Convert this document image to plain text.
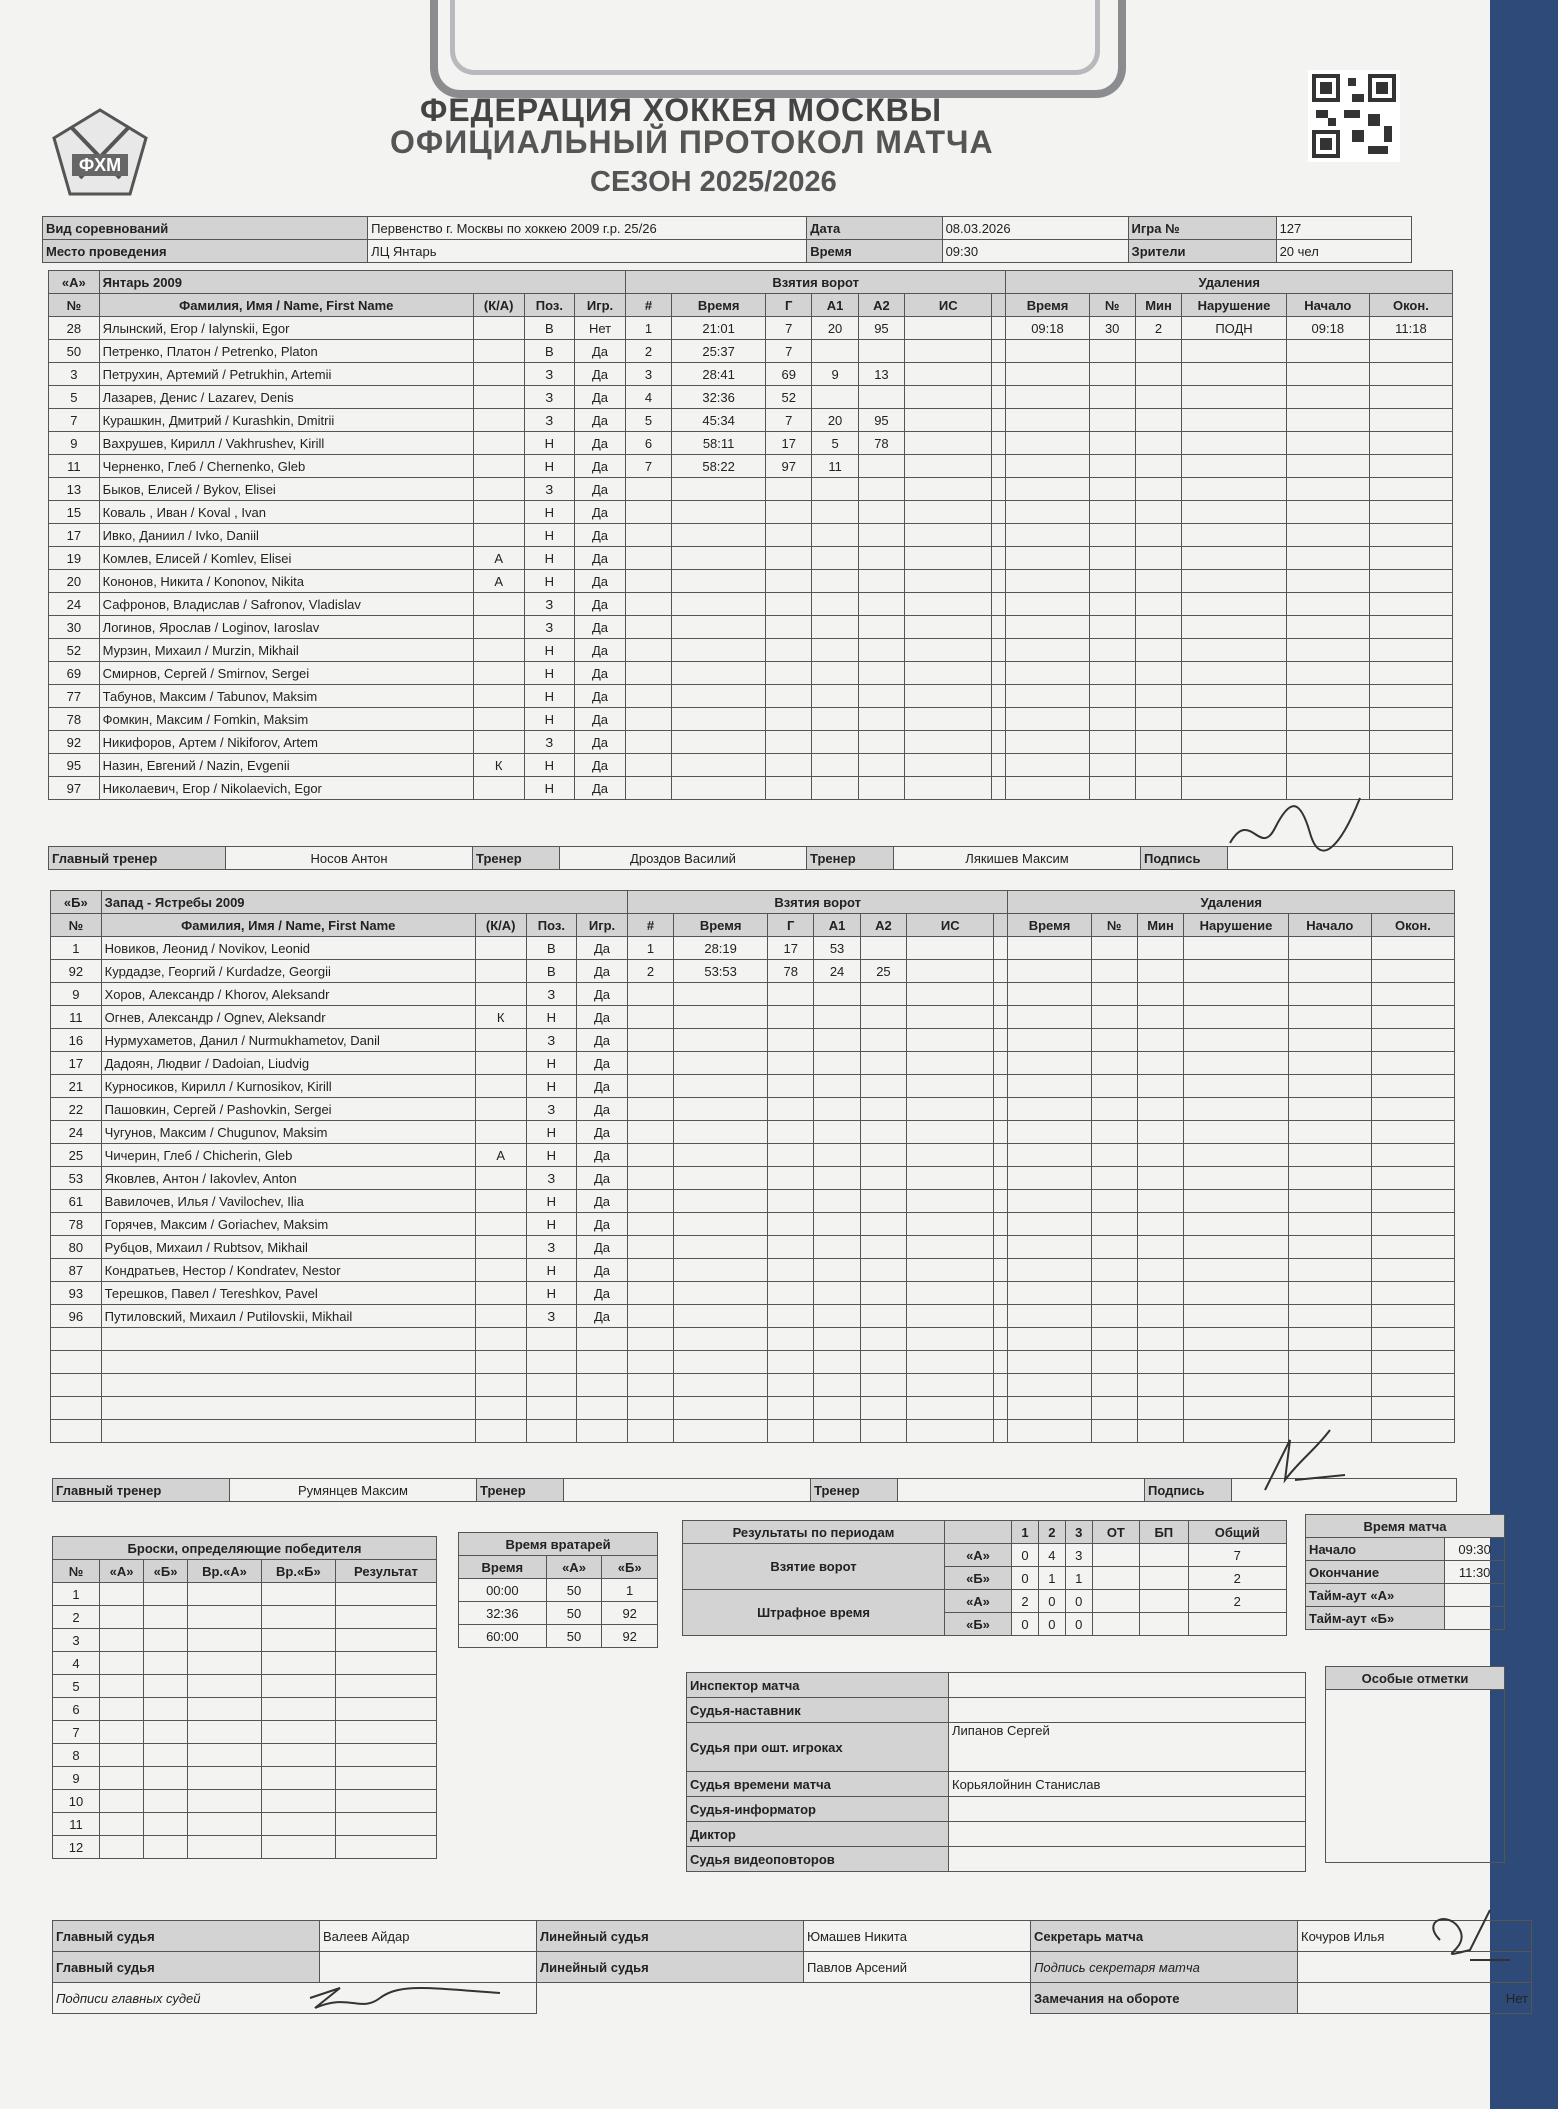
ФХМ
ФЕДЕРАЦИЯ ХОККЕЯ МОСКВЫ
ОФИЦИАЛЬНЫЙ ПРОТОКОЛ МАТЧА
СЕЗОН 2025/2026
Вид соревнований	Первенство г. Москвы по хоккею 2009 г.р. 25/26	Дата	08.03.2026	Игра №	127
Место проведения	ЛЦ Янтарь	Время	09:30	Зрители	20 чел
«А»	Янтарь 2009				Взятия ворот							Удаления					
№	Фамилия, Имя / Name, First Name	(К/А)	Поз.	Игр.	#	Время	Г	А1	А2	ИС		Время	№	Мин	Нарушение	Начало	Окон.
28	Ялынский, Егор / Ialynskii, Egor		В	Нет	1	21:01	7	20	95			09:18	30	2	ПОДН	09:18	11:18
50	Петренко, Платон / Petrenko, Platon		В	Да	2	25:37	7										
3	Петрухин, Артемий / Petrukhin, Artemii		З	Да	3	28:41	69	9	13								
5	Лазарев, Денис / Lazarev, Denis		З	Да	4	32:36	52										
7	Курашкин, Дмитрий / Kurashkin, Dmitrii		З	Да	5	45:34	7	20	95								
9	Вахрушев, Кирилл / Vakhrushev, Kirill		Н	Да	6	58:11	17	5	78								
11	Черненко, Глеб / Chernenko, Gleb		Н	Да	7	58:22	97	11									
13	Быков, Елисей / Bykov, Elisei		З	Да													
15	Коваль , Иван / Koval , Ivan		Н	Да													
17	Ивко, Даниил / Ivko, Daniil		Н	Да													
19	Комлев, Елисей / Komlev, Elisei	А	Н	Да													
20	Кононов, Никита / Kononov, Nikita	А	Н	Да													
24	Сафронов, Владислав / Safronov, Vladislav		З	Да													
30	Логинов, Ярослав / Loginov, Iaroslav		З	Да													
52	Мурзин, Михаил / Murzin, Mikhail		Н	Да													
69	Смирнов, Сергей / Smirnov, Sergei		Н	Да													
77	Табунов, Максим / Tabunov, Maksim		Н	Да													
78	Фомкин, Максим / Fomkin, Maksim		Н	Да													
92	Никифоров, Артем / Nikiforov, Artem		З	Да													
95	Назин, Евгений / Nazin, Evgenii	К	Н	Да													
97	Николаевич, Егор / Nikolaevich, Egor		Н	Да													
Главный тренер	Носов Антон	Тренер	Дроздов Василий	Тренер	Лякишев Максим	Подпись	
«Б»	Запад - Ястребы 2009				Взятия ворот							Удаления					
№	Фамилия, Имя / Name, First Name	(К/А)	Поз.	Игр.	#	Время	Г	А1	А2	ИС		Время	№	Мин	Нарушение	Начало	Окон.
1	Новиков, Леонид / Novikov, Leonid		В	Да	1	28:19	17	53									
92	Курдадзе, Георгий / Kurdadze, Georgii		В	Да	2	53:53	78	24	25								
9	Хоров, Александр / Khorov, Aleksandr		З	Да													
11	Огнев, Александр / Ognev, Aleksandr	К	Н	Да													
16	Нурмухаметов, Данил / Nurmukhametov, Danil		З	Да													
17	Дадоян, Людвиг / Dadoian, Liudvig		Н	Да													
21	Курносиков, Кирилл / Kurnosikov, Kirill		Н	Да													
22	Пашовкин, Сергей / Pashovkin, Sergei		З	Да													
24	Чугунов, Максим / Chugunov, Maksim		Н	Да													
25	Чичерин, Глеб / Chicherin, Gleb	А	Н	Да													
53	Яковлев, Антон / Iakovlev, Anton		З	Да													
61	Вавилочев, Илья / Vavilochev, Ilia		Н	Да													
78	Горячев, Максим / Goriachev, Maksim		Н	Да													
80	Рубцов, Михаил / Rubtsov, Mikhail		З	Да													
87	Кондратьев, Нестор / Kondratev, Nestor		Н	Да													
93	Терешков, Павел / Tereshkov, Pavel		Н	Да													
96	Путиловский, Михаил / Putilovskii, Mikhail		З	Да													

Главный тренер	Румянцев Максим	Тренер		Тренер		Подпись	
Броски, определяющие победителя					
№	«А»	«Б»	Вр.«А»	Вр.«Б»	Результат
1					
2					
3					
4					
5					
6					
7					
8					
9					
10					
11					
12					
Время вратарей		
Время	«А»	«Б»
00:00	50	1
32:36	50	92
60:00	50	92
Результаты по периодам		1	2	3	ОТ	БП	Общий
Взятие ворот	«А»	0	4	3			7
	«Б»	0	1	1			2
Штрафное время	«А»	2	0	0			2
	«Б»	0	0	0			
Время матча	
Начало	09:30
Окончание	11:30
Тайм-аут «А»	
Тайм-аут «Б»	
Инспектор матча	
Судья-наставник	
Судья при ошт. игроках	Липанов Сергей
Судья времени матча	Корьялойнин Станислав
Судья-информатор	
Диктор	
Судья видеоповторов	
Особые отметки

Главный судья	Валеев Айдар	Линейный судья	Юмашев Никита	Секретарь матча	Кочуров Илья
Главный судья		Линейный судья	Павлов Арсений	Подпись секретаря матча	
Подписи главных судей				Замечания на обороте	Нет
